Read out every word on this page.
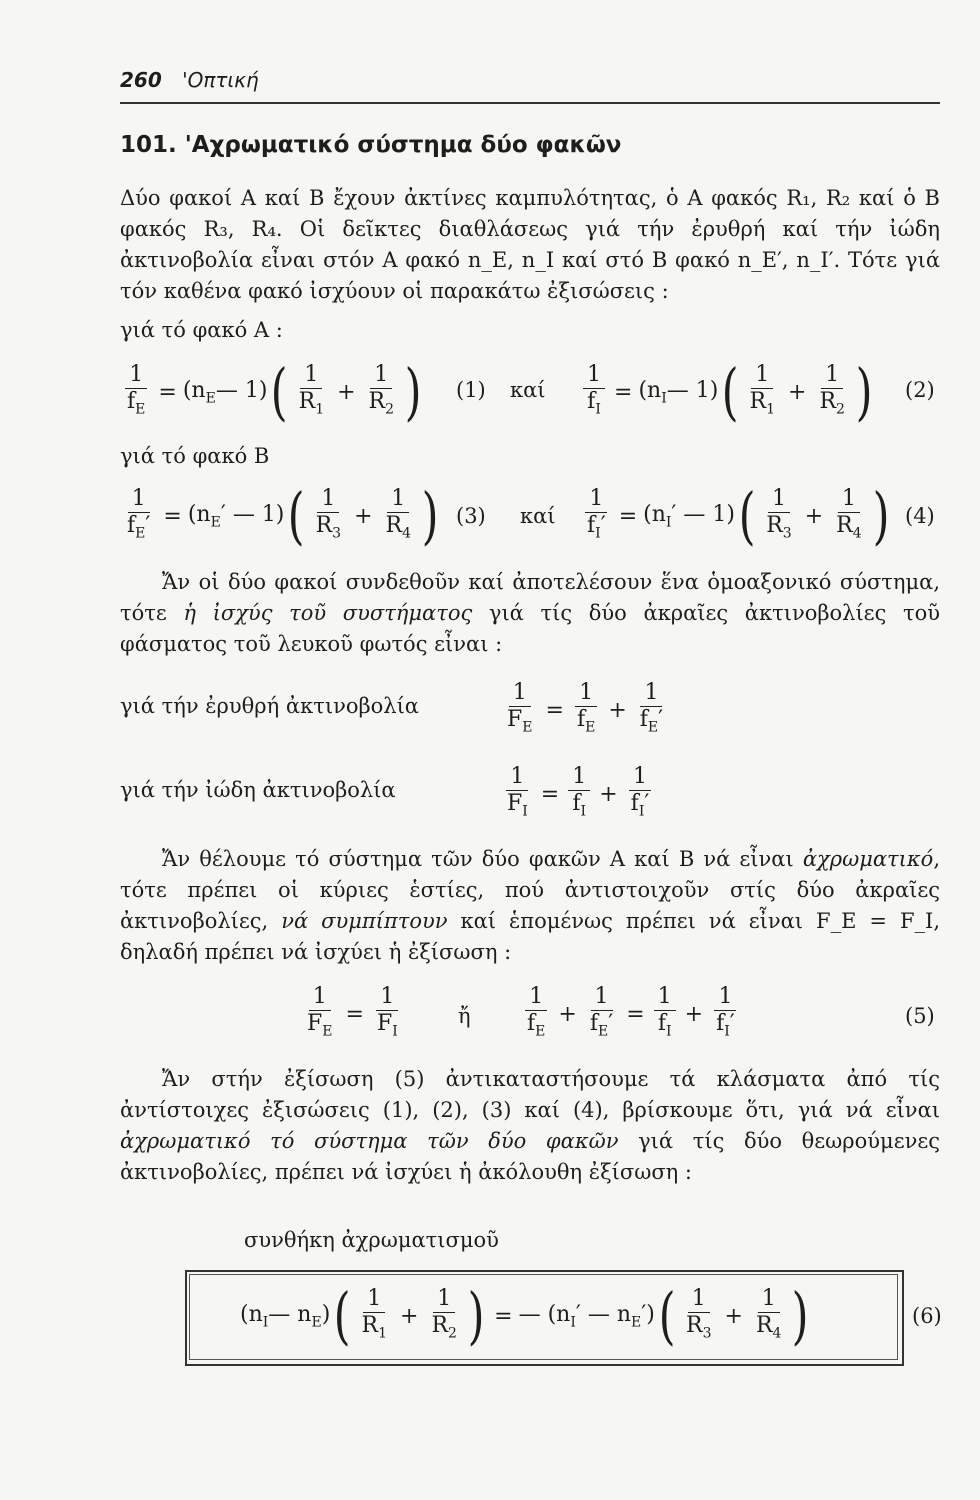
260 'Οπτική
101. 'Αχρωματικό σύστημα δύο φακῶν
Δύο φακοί Α καί Β ἔχουν ἀκτίνες καμπυλότητας, ὁ Α φακός R₁, R₂ καί ὁ Β φακός R₃, R₄. Οἱ δεῖκτες διαθλάσεως γιά τήν ἐρυθρή καί τήν ἰώδη ἀκτινοβολία εἶναι στόν Α φακό n_E, n_I καί στό Β φακό n_E′, n_I′. Τότε γιά τόν καθένα φακό ἰσχύουν οἱ παρακάτω ἐξισώσεις :
γιά τό φακό Α :
$\frac{1}{f_E}$ = ($n_E—$ 1) ( $\frac{1}{R_1} + \frac{1}{R_2}$ ) (1) καί $\frac{1}{f_I}$ = ($n_I—$ 1) ( $\frac{1}{R_1} + \frac{1}{R_2}$ ) (2)
γιά τό φακό Β
$\frac{1}{f_E'} = (n_E'$ — 1) ( $\frac{1}{R_3} + \frac{1}{R_4}$ ) (3) καί $\frac{1}{f_I'} = (n_I'$ — 1) ( $\frac{1}{R_3} + \frac{1}{R_4}$ ) (4)
Ἄν οἱ δύο φακοί συνδεθοῦν καί ἀποτελέσουν ἕνα ὁμοαξονικό σύστημα, τότε ἡ ἰσχύς τοῦ συστήματος γιά τίς δύο ἀκραῖες ἀκτινοβολίες τοῦ φάσματος τοῦ λευκοῦ φωτός εἶναι :
γιά τήν ἐρυθρή ἀκτινοβολία	$\frac{1}{F_E} = \frac{1}{f_E} + \frac{1}{f_E'}$
γιά τήν ἰώδη ἀκτινοβολία	$\frac{1}{F_I} = \frac{1}{f_I} + \frac{1}{f_I'}$
Ἄν θέλουμε τό σύστημα τῶν δύο φακῶν Α καί Β νά εἶναι ἀχρωματικό, τότε πρέπει οἱ κύριες ἑστίες, πού ἀντιστοιχοῦν στίς δύο ἀκραῖες ἀκτινοβολίες, νά συμπίπτουν καί ἑπομένως πρέπει νά εἶναι F_E = F_I, δηλαδή πρέπει νά ἰσχύει ἡ ἐξίσωση :
$\frac{1}{F_E} = \frac{1}{F_I}$	ἤ $\frac{1}{f_E} + \frac{1}{f_E'} = \frac{1}{f_I} + \frac{1}{f_I'}$	(5)
Ἄν στήν ἐξίσωση (5) ἀντικαταστήσουμε τά κλάσματα ἀπό τίς ἀντίστοιχες ἐξισώσεις (1), (2), (3) καί (4), βρίσκουμε ὅτι, γιά νά εἶναι ἀχρωματικό τό σύστημα τῶν δύο φακῶν γιά τίς δύο θεωρούμενες ἀκτινοβολίες, πρέπει νά ἰσχύει ἡ ἀκόλουθη ἐξίσωση :
συνθήκη ἀχρωματισμοῦ
($n_I—$ $n_E$) ( $\frac{1}{R_1} + \frac{1}{R_2}$ ) = — ($n_I'$ — $n_E'$) ( $\frac{1}{R_3} + \frac{1}{R_4}$ )	(6)
